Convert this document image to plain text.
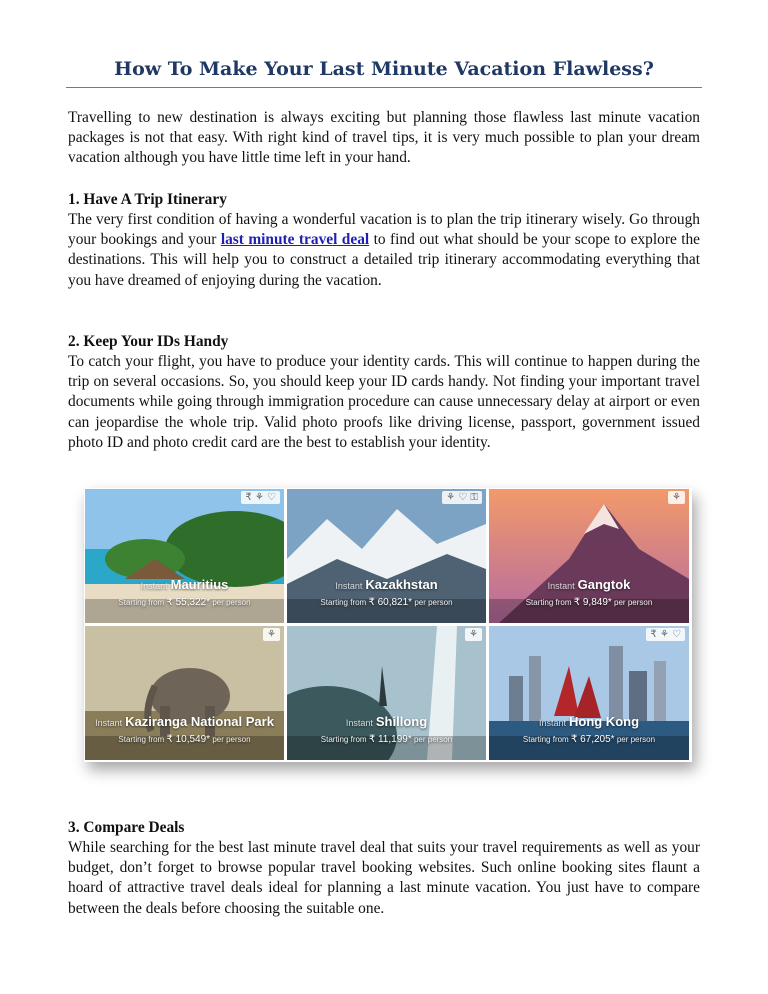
How To Make Your Last Minute Vacation Flawless?

Travelling to new destination is always exciting but planning those flawless last minute vacation packages is not that easy. With right kind of travel tips, it is very much possible to plan your dream vacation although you have little time left in your hand.

1. Have A Trip Itinerary

The very first condition of having a wonderful vacation is to plan the trip itinerary wisely. Go through your bookings and your last minute travel deal to find out what should be your scope to explore the destinations. This will help you to construct a detailed trip itinerary accommodating everything that you have dreamed of enjoying during the vacation.

2. Keep Your IDs Handy

To catch your flight, you have to produce your identity cards. This will continue to happen during the trip on several occasions. So, you should keep your ID cards handy. Not finding your important travel documents while going through immigration procedure can cause unnecessary delay at airport or even can jeopardise the whole trip. Valid photo proofs like driving license, passport, government issued photo ID and photo credit card are the best to establish your identity.

₹ ⚘ ♡
Instant Mauritius
Starting from ₹ 55,322* per person
⚘ ♡ ⚿
Instant Kazakhstan
Starting from ₹ 60,821* per person
⚘
Instant Gangtok
Starting from ₹ 9,849* per person
⚘
Instant Kaziranga National Park
Starting from ₹ 10,549* per person
⚘
Instant Shillong
Starting from ₹ 11,199* per person
₹ ⚘ ♡
Instant Hong Kong
Starting from ₹ 67,205* per person

3. Compare Deals

While searching for the best last minute travel deal that suits your travel requirements as well as your budget, don’t forget to browse popular travel booking websites. Such online booking sites flaunt a hoard of attractive travel deals ideal for planning a last minute vacation. You just have to compare between the deals before choosing the suitable one.
